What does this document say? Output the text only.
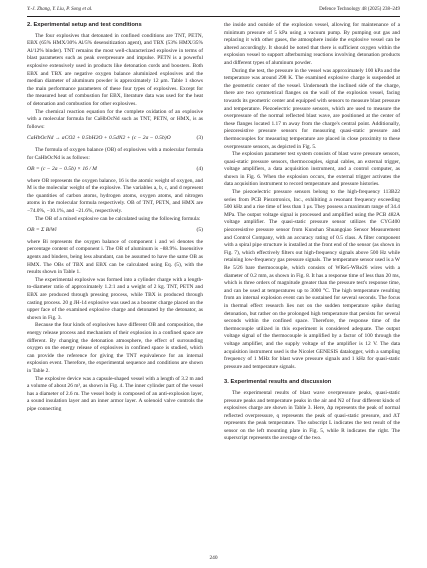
Y.-J. Zhang, Y. Liu, P. Song et al.	Defence Technology 48 (2025) 238–249
2. Experimental setup and test conditions

The four explosives that detonated in confined conditions are TNT, PETN, EBX (65% HMX/30% Al/5% desensitization agent), and TBX (53% HMX/35% Al/12% binder). TNT remains the most well-characterized explosive in terms of blast parameters such as peak overpressure and impulse. PETN is a powerful explosive extensively used in products like detonation cords and boosters. Both EBX and TBX are negative oxygen balance aluminized explosives and the median diameter of aluminum powder is approximately 12 μm. Table 1 shows the main performance parameters of these four types of explosives. Except for the measured heat of combustion for EBX, literature data was used for the heat of detonation and combustion for other explosives.

The chemical reaction equation for the complete oxidation of an explosive with a molecular formula for CaHbOcNd such as TNT, PETN, or HMX, is as follows:

CaHbOcNd → aCO2 + 0.5bH2O + 0.5dN2 + (c − 2a − 0.5b)O	(3)

The formula of oxygen balance (OB) of explosives with a molecular formula for CaHbOcNd is as follows:

OB = (c − 2a − 0.5b) × 16 / M	(4)

where OB represents the oxygen balance, 16 is the atomic weight of oxygen, and M is the molecular weight of the explosive. The variables a, b, c, and d represent the quantities of carbon atoms, hydrogen atoms, oxygen atoms, and nitrogen atoms in the molecular formula respectively. OB of TNT, PETN, and HMX are −74.0%, −10.1%, and −21.6%, respectively.

The OB of a mixed explosive can be calculated using the following formula:

OB = Σ BiWi	(5)

where Bi represents the oxygen balance of component i and wi denotes the percentage content of component i. The OB of aluminum is −88.9%. Insensitive agents and binders, being less abundant, can be assumed to have the same OB as HMX. The OBs of TBX and EBX can be calculated using Eq. (5), with the results shown in Table 1.

The experimental explosive was formed into a cylinder charge with a length-to-diameter ratio of approximately 1.2:1 and a weight of 2 kg. TNT, PETN and EBX are produced through pressing process, while TBX is produced through casting process. 20 g JH-14 explosive was used as a booster charge placed on the upper face of the examined explosive charge and detonated by the detonator, as shown in Fig. 3.

Because the four kinds of explosives have different OB and composition, the energy release process and mechanism of their explosion in a confined space are different. By changing the detonation atmosphere, the effect of surrounding oxygen on the energy release of explosives in confined space is studied, which can provide the reference for giving the TNT equivalence for an internal explosion event. Therefore, the experimental sequence and conditions are shown in Table 2.

The explosive device was a capsule-shaped vessel with a length of 3.2 m and a volume of about 26 m³, as shown in Fig. 4. The inner cylinder part of the vessel has a diameter of 2.6 m. The vessel body is composed of an anti-explosion layer, a sound insulation layer and an inner armor layer. A solenoid valve controls the pipe connecting

the inside and outside of the explosion vessel, allowing for maintenance of a minimum pressure of 5 kPa using a vacuum pump. By pumping out gas and replacing it with other gases, the atmosphere inside the explosive vessel can be altered accordingly. It should be noted that there is sufficient oxygen within the explosion vessel to support afterburning reactions involving detonation products and different types of aluminum powder.

During the test, the pressure in the vessel was approximately 100 kPa and the temperature was around 298 K. The examined explosive charge is suspended at the geometric center of the vessel. Underneath the inclined side of the charge, there are two symmetrical flanges on the wall of the explosion vessel, facing towards its geometric center and equipped with sensors to measure blast pressure and temperature. Piezoelectric pressure sensors, which are used to measure the overpressure of the normal reflected blast wave, are positioned at the center of these flanges located 1.17 m away from the charge's central point. Additionally, piezoresistive pressure sensors for measuring quasi-static pressure and thermocouples for measuring temperature are placed in close proximity to these overpressure sensors, as depicted in Fig. 5.

The explosion parameter test system consists of blast wave pressure sensors, quasi-static pressure sensors, thermocouples, signal cables, an external trigger, voltage amplifiers, a data acquisition instrument, and a control computer, as shown in Fig. 6. When the explosion occurs, the external trigger activates the data acquisition instrument to record temperature and pressure histories.

The piezoelectric pressure sensors belong to the high-frequency 113B22 series from PCB Piezotronics, Inc., exhibiting a resonant frequency exceeding 500 kHz and a rise time of less than 1 μs. They possess a maximum range of 34.4 MPa. The output voltage signal is processed and amplified using the PCB 482A voltage amplifier. The quasi-static pressure sensor utilizes the CYG400 piezoresistive pressure sensor from Kunshan Shuangqiao Sensor Measurement and Control Company, with an accuracy rating of 0.5 class. A filter component with a spiral pipe structure is installed at the front end of the sensor (as shown in Fig. 7), which effectively filters out high-frequency signals above 500 Hz while retaining low-frequency gas pressure signals. The temperature sensor used is a W Re 5/26 bare thermocouple, which consists of WRe5-WRe26 wires with a diameter of 0.2 mm, as shown in Fig. 8. It has a response time of less than 20 ms, which is three orders of magnitude greater than the pressure test's response time, and can be used at temperatures up to 3000 °C. The high temperature resulting from an internal explosion event can be sustained for several seconds. The focus in thermal effect research lies not on the sudden temperature spike during detonation, but rather on the prolonged high temperature that persists for several seconds within the confined space. Therefore, the response time of the thermocouple utilized in this experiment is considered adequate. The output voltage signal of the thermocouple is amplified by a factor of 100 through the voltage amplifier, and the supply voltage of the amplifier is 12 V. The data acquisition instrument used is the Nicolet GENESIS datalogger, with a sampling frequency of 1 MHz for blast wave pressure signals and 1 kHz for quasi-static pressure and temperature signals.

3. Experimental results and discussion

The experimental results of blast wave overpressure peaks, quasi-static pressure peaks and temperature peaks in the air and N2 of four different kinds of explosives charge are shown in Table 3. Here, Δp represents the peak of normal reflected overpressure, q represents the peak of quasi-static pressure, and ΔT represents the peak temperature. The subscript L indicates the test result of the sensor on the left mounting plate in Fig. 5, while R indicates the right. The superscript represents the average of the two.

240
